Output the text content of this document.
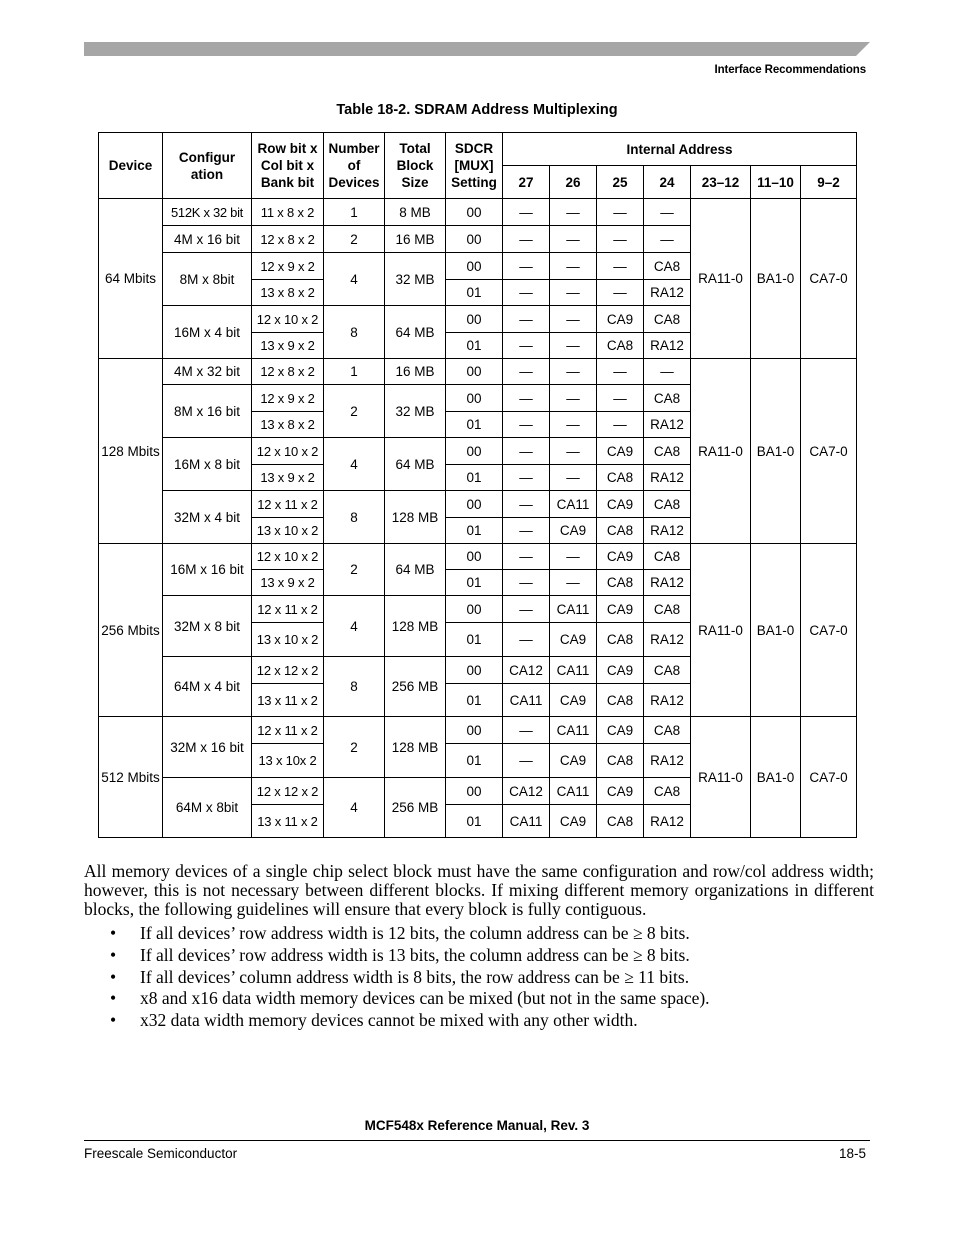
Interface Recommendations
Table 18-2. SDRAM Address Multiplexing
Device	Configur ation	Row bit x Col bit x Bank bit	Number of Devices	Total Block Size	SDCR [MUX] Setting	Internal Address						
						27	26	25	24	23–12	11–10	9–2
64 Mbits	512K x 32 bit	11 x 8 x 2	1	8 MB	00	—	—	—	—	RA11-0	BA1-0	CA7-0
	4M x 16 bit	12 x 8 x 2	2	16 MB	00	—	—	—	—			
	8M x 8bit	12 x 9 x 2	4	32 MB	00	—	—	—	CA8			
		13 x 8 x 2			01	—	—	—	RA12			
	16M x 4 bit	12 x 10 x 2	8	64 MB	00	—	—	CA9	CA8			
		13 x 9 x 2			01	—	—	CA8	RA12			
128 Mbits	4M x 32 bit	12 x 8 x 2	1	16 MB	00	—	—	—	—	RA11-0	BA1-0	CA7-0
	8M x 16 bit	12 x 9 x 2	2	32 MB	00	—	—	—	CA8			
		13 x 8 x 2			01	—	—	—	RA12			
	16M x 8 bit	12 x 10 x 2	4	64 MB	00	—	—	CA9	CA8			
		13 x 9 x 2			01	—	—	CA8	RA12			
	32M x 4 bit	12 x 11 x 2	8	128 MB	00	—	CA11	CA9	CA8			
		13 x 10 x 2			01	—	CA9	CA8	RA12			
256 Mbits	16M x 16 bit	12 x 10 x 2	2	64 MB	00	—	—	CA9	CA8	RA11-0	BA1-0	CA7-0
		13 x 9 x 2			01	—	—	CA8	RA12			
	32M x 8 bit	12 x 11 x 2	4	128 MB	00	—	CA11	CA9	CA8			
		13 x 10 x 2			01	—	CA9	CA8	RA12			
	64M x 4 bit	12 x 12 x 2	8	256 MB	00	CA12	CA11	CA9	CA8			
		13 x 11 x 2			01	CA11	CA9	CA8	RA12			
512 Mbits	32M x 16 bit	12 x 11 x 2	2	128 MB	00	—	CA11	CA9	CA8	RA11-0	BA1-0	CA7-0
		13 x 10x 2			01	—	CA9	CA8	RA12			
	64M x 8bit	12 x 12 x 2	4	256 MB	00	CA12	CA11	CA9	CA8			
		13 x 11 x 2			01	CA11	CA9	CA8	RA12			

All memory devices of a single chip select block must have the same configuration and row/col address width; however, this is not necessary between different blocks. If mixing different memory organizations in different blocks, the following guidelines will ensure that every block is fully contiguous.

• If all devices’ row address width is 12 bits, the column address can be ≥ 8 bits.
• If all devices’ row address width is 13 bits, the column address can be ≥ 8 bits.
• If all devices’ column address width is 8 bits, the row address can be ≥ 11 bits.
• x8 and x16 data width memory devices can be mixed (but not in the same space).
• x32 data width memory devices cannot be mixed with any other width.
MCF548x Reference Manual, Rev. 3
Freescale Semiconductor	18-5
